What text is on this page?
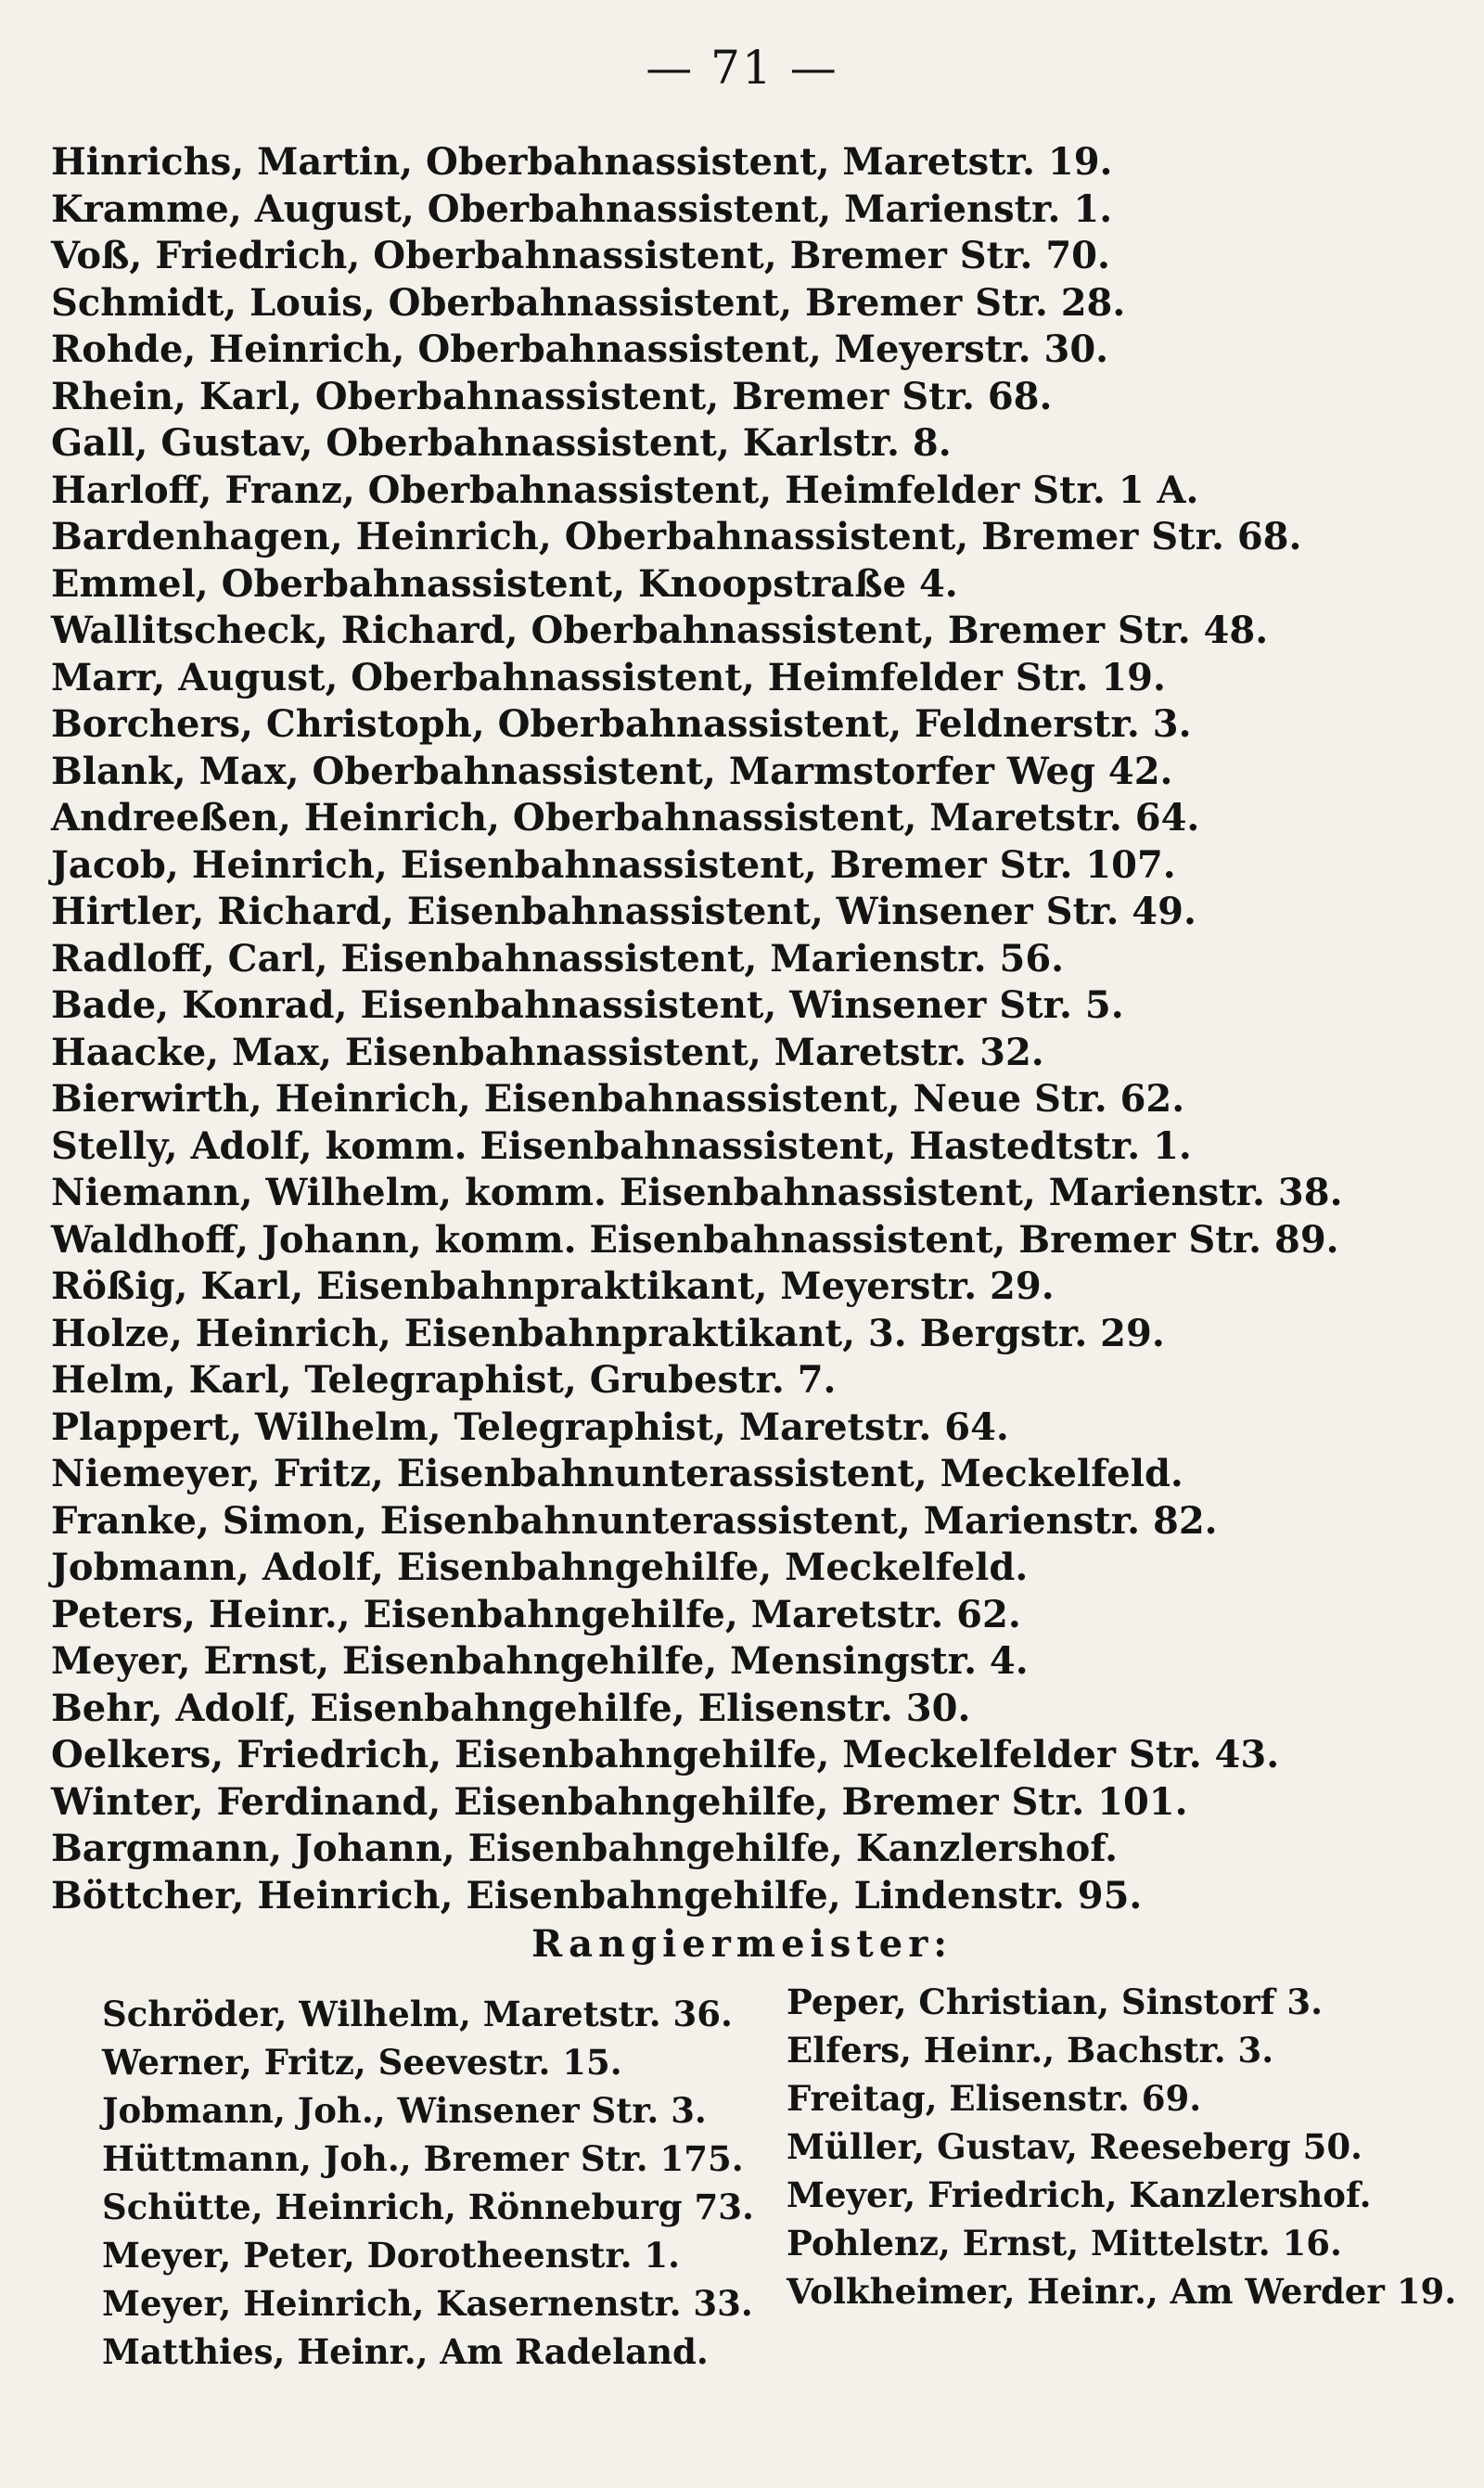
— 71 —
Hinrichs, Martin, Oberbahnassistent, Maretstr. 19.
Kramme, August, Oberbahnassistent, Marienstr. 1.
Voß, Friedrich, Oberbahnassistent, Bremer Str. 70.
Schmidt, Louis, Oberbahnassistent, Bremer Str. 28.
Rohde, Heinrich, Oberbahnassistent, Meyerstr. 30.
Rhein, Karl, Oberbahnassistent, Bremer Str. 68.
Gall, Gustav, Oberbahnassistent, Karlstr. 8.
Harloff, Franz, Oberbahnassistent, Heimfelder Str. 1 A.
Bardenhagen, Heinrich, Oberbahnassistent, Bremer Str. 68.
Emmel, Oberbahnassistent, Knoopstraße 4.
Wallitscheck, Richard, Oberbahnassistent, Bremer Str. 48.
Marr, August, Oberbahnassistent, Heimfelder Str. 19.
Borchers, Christoph, Oberbahnassistent, Feldnerstr. 3.
Blank, Max, Oberbahnassistent, Marmstorfer Weg 42.
Andreeßen, Heinrich, Oberbahnassistent, Maretstr. 64.
Jacob, Heinrich, Eisenbahnassistent, Bremer Str. 107.
Hirtler, Richard, Eisenbahnassistent, Winsener Str. 49.
Radloff, Carl, Eisenbahnassistent, Marienstr. 56.
Bade, Konrad, Eisenbahnassistent, Winsener Str. 5.
Haacke, Max, Eisenbahnassistent, Maretstr. 32.
Bierwirth, Heinrich, Eisenbahnassistent, Neue Str. 62.
Stelly, Adolf, komm. Eisenbahnassistent, Hastedtstr. 1.
Niemann, Wilhelm, komm. Eisenbahnassistent, Marienstr. 38.
Waldhoff, Johann, komm. Eisenbahnassistent, Bremer Str. 89.
Rößig, Karl, Eisenbahnpraktikant, Meyerstr. 29.
Holze, Heinrich, Eisenbahnpraktikant, 3. Bergstr. 29.
Helm, Karl, Telegraphist, Grubestr. 7.
Plappert, Wilhelm, Telegraphist, Maretstr. 64.
Niemeyer, Fritz, Eisenbahnunterassistent, Meckelfeld.
Franke, Simon, Eisenbahnunterassistent, Marienstr. 82.
Jobmann, Adolf, Eisenbahngehilfe, Meckelfeld.
Peters, Heinr., Eisenbahngehilfe, Maretstr. 62.
Meyer, Ernst, Eisenbahngehilfe, Mensingstr. 4.
Behr, Adolf, Eisenbahngehilfe, Elisenstr. 30.
Oelkers, Friedrich, Eisenbahngehilfe, Meckelfelder Str. 43.
Winter, Ferdinand, Eisenbahngehilfe, Bremer Str. 101.
Bargmann, Johann, Eisenbahngehilfe, Kanzlershof.
Böttcher, Heinrich, Eisenbahngehilfe, Lindenstr. 95.
Rangiermeister:
Schröder, Wilhelm, Maretstr. 36.
Werner, Fritz, Seevestr. 15.
Jobmann, Joh., Winsener Str. 3.
Hüttmann, Joh., Bremer Str. 175.
Schütte, Heinrich, Rönneburg 73.
Meyer, Peter, Dorotheenstr. 1.
Meyer, Heinrich, Kasernenstr. 33.
Matthies, Heinr., Am Radeland.
Peper, Christian, Sinstorf 3.
Elfers, Heinr., Bachstr. 3.
Freitag, Elisenstr. 69.
Müller, Gustav, Reeseberg 50.
Meyer, Friedrich, Kanzlershof.
Pohlenz, Ernst, Mittelstr. 16.
Volkheimer, Heinr., Am Werder 19.
